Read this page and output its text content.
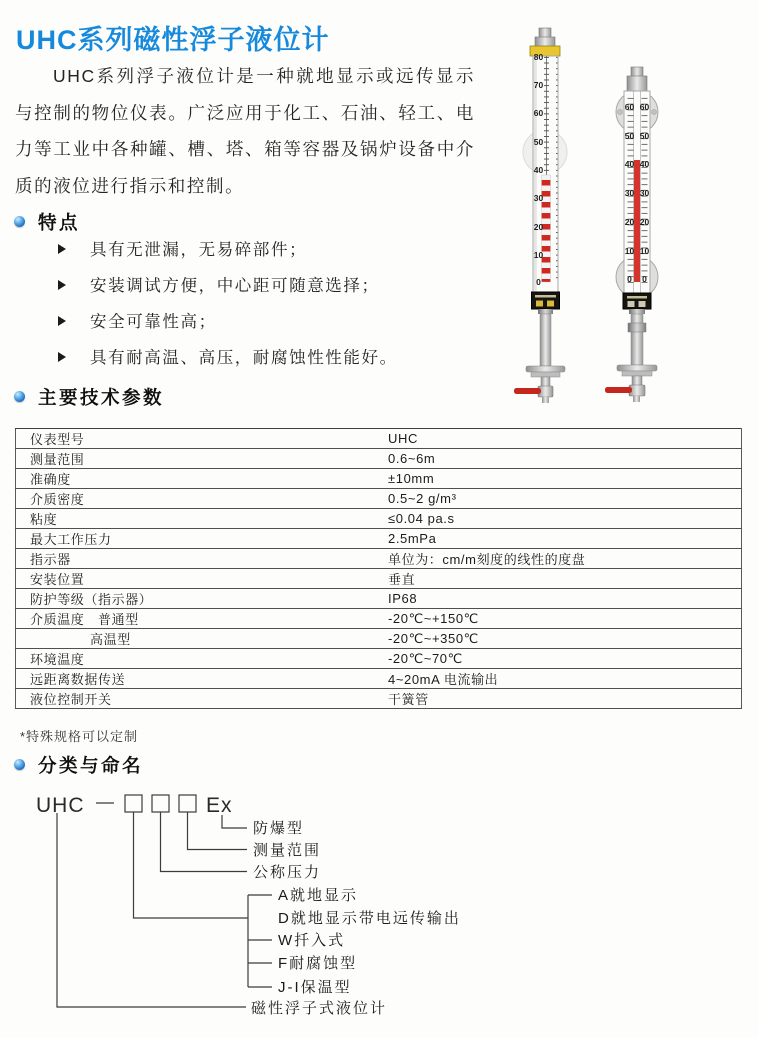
UHC系列磁性浮子液位计
UHC系列浮子液位计是一种就地显示或远传显示与控制的物位仪表。广泛应用于化工、石油、轻工、电力等工业中各种罐、槽、塔、箱等容器及锅炉设备中介质的液位进行指示和控制。
80
70
60
50
40
30
20
10
0
60 60
50 50
40 40
30 30
20 20
10 10
0 0
特点
具有无泄漏，无易碎部件；
安装调试方便，中心距可随意选择；
安全可靠性高；
具有耐高温、高压，耐腐蚀性性能好。
主要技术参数
仪表型号	UHC
测量范围	0.6~6m
准确度	±10mm
介质密度	0.5~2 g/m³
粘度	≤0.04 pa.s
最大工作压力	2.5mPa
指示器	单位为：cm/m刻度的线性的度盘
安装位置	垂直
防护等级（指示器）	IP68
介质温度　普通型	-20℃~+150℃
高温型	-20℃~+350℃
环境温度	-20℃~70℃
远距离数据传送	4~20mA 电流输出
液位控制开关	干簧管
*特殊规格可以定制
分类与命名
UHC	Ex
防爆型
测量范围
公称压力
A就地显示
D就地显示带电远传输出
W扦入式
F耐腐蚀型
J-I保温型
磁性浮子式液位计
